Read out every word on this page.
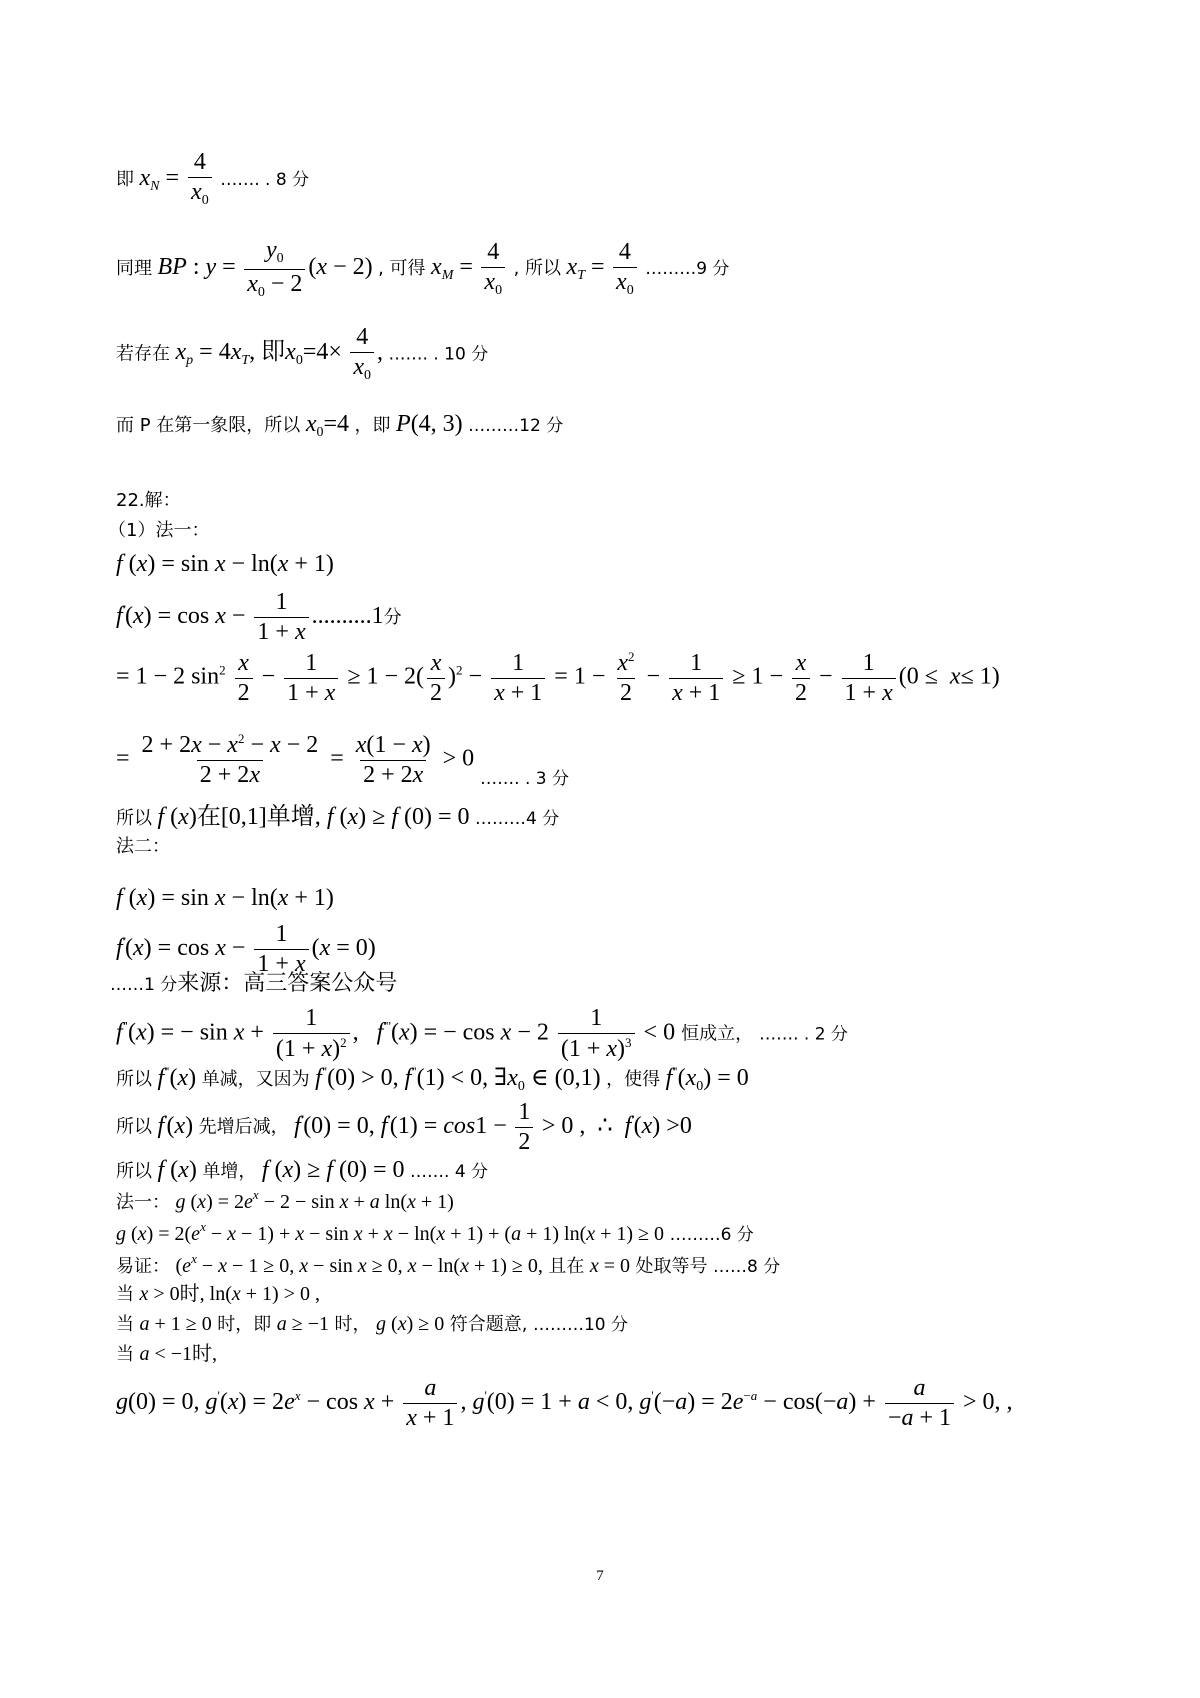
即 $x_N = \frac{4}{x_0}$ ……. . 8 分
同理 BP : $y = \frac{y_0}{x_0 - 2} (x - 2)$ , 可得 $x_M = \frac{4}{x_0}$ , 所以 $x_T = \frac{4}{x_0}$ ………9 分
若存在 $x_p = 4x_T$, 即$x_0=4\times \frac{4}{x_0}$ , ……. . 10 分
而 P 在第一象限，所以 $x_0=4$ ，即 P(4, 3) ………12 分
22.解：
（1）法一：
f (x) = sin x − ln(x + 1)
$f'(x) = \cos x - \frac{1}{1 + x} ..........1$分
= 1 − 2 $\sin^2 \frac{x}{2} - \frac{1}{1 + x} \ge 1 - 2( \frac{x}{2} )^2 - \frac{1}{x + 1} = 1 - \frac{x^2}{2} - \frac{1}{x + 1} \ge 1 - \frac{x}{2} - \frac{1}{1 + x} (0 \le x\le 1)$
= $\frac{2 + 2x - x^2 - x - 2}{2 + 2x} = \frac{x(1 - x)}{2 + 2x} > 0$ $_{\dots\dots. . 3 分}$
所以 f (x)在[0,1]单增, f (x) ≥ f (0) = 0 ………4 分
法二：
f (x) = sin x − ln(x + 1)
$f'(x) = \cos x - \frac{1}{1 + x} (x = 0)$
……1 分来源：高三答案公众号
f"(x) = − $\sin x + \frac{1}{(1 + x)^2}$ ,   f"'(x) = − $\cos x - 2 \frac{1}{(1 + x)^3} < 0$ 恒成立， ……. . 2 分
所以 f"(x) 单减，又因为 f"(0) > 0, f"(1) < 0, $\exists x_0$ ∈ (0,1) ，使得 $f^"(x_0) = 0$
所以 f'(x) 先增后减， f'(0) = 0, $f'(1) = \cos 1 - \frac{1}{2} > 0$ ,  ∴  f'(x) >0
所以 f (x) 单增， f (x) ≥ f (0) = 0 ……. 4 分
法一： g $(x) = 2e^x - 2 - \sin x + a$ ln(x + 1)
g $(x) = 2(e^x - x - 1) + x - \sin x + x - \ln(x + 1) + (a + 1) \ln(x + 1) \ge 0$ ………6 分
易证： ($e^x - x - 1 \ge 0$, x − sin x ≥ 0, x − ln(x + 1) ≥ 0, 且在 x = 0 处取等号 ……8 分
当 x > 0时, ln(x + 1) > 0 ,
当 a + 1 ≥ 0 时，即 a ≥ −1 时， g (x) ≥ 0 符合题意, ………10 分
当 a < −1时,
g(0) = 0, $g'(x) = 2e^x - \cos x + \frac{a}{x + 1}$ , g'(0) = 1 + a < 0, $g'(-a) = 2e^{-a} - \cos(-a) + \frac{a}{-a + 1} > 0$, ,
7
